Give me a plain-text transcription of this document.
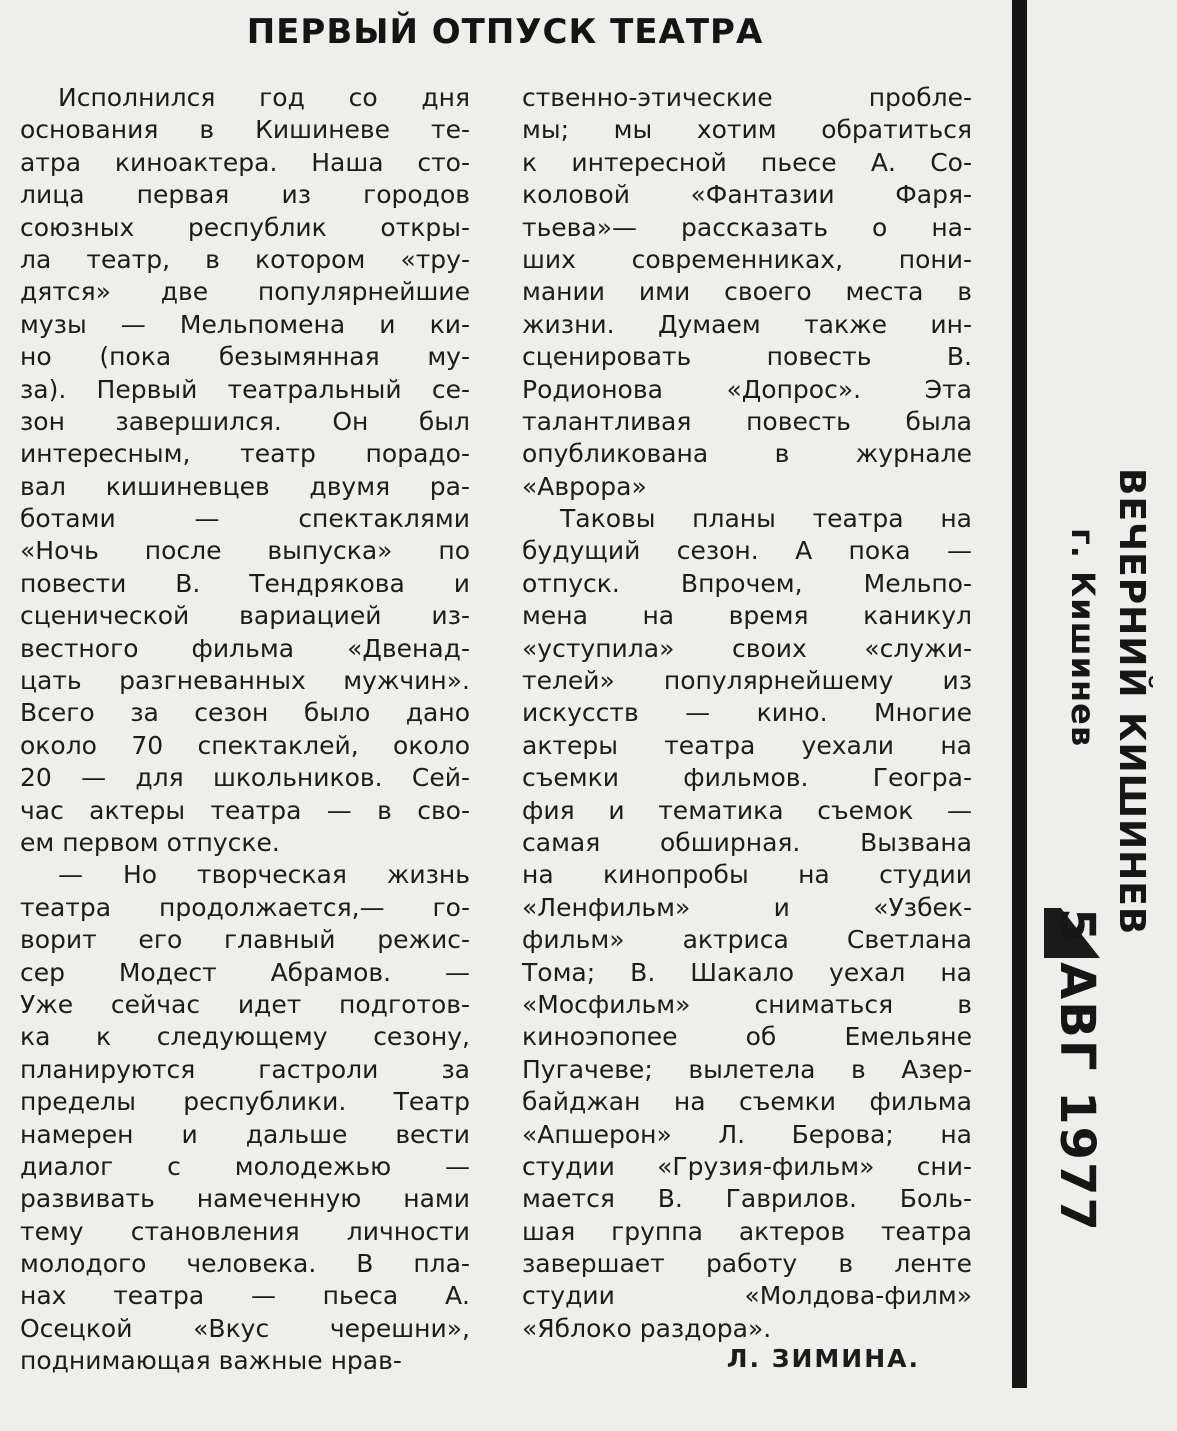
ПЕРВЫЙ ОТПУСК ТЕАТРА
Исполнился год со дня
основания в Кишиневе те-
атра киноактера. Наша сто-
лица первая из городов
союзных республик откры-
ла театр, в котором «тру-
дятся» две популярнейшие
музы — Мельпомена и ки-
но (пока безымянная му-
за). Первый театральный се-
зон завершился. Он был
интересным, театр порадо-
вал кишиневцев двумя ра-
ботами — спектаклями
«Ночь после выпуска» по
повести В. Тендрякова и
сценической вариацией из-
вестного фильма «Двенад-
цать разгневанных мужчин».
Всего за сезон было дано
около 70 спектаклей, около
20 — для школьников. Сей-
час актеры театра — в сво-
ем первом отпуске.
— Но творческая жизнь
театра продолжается,— го-
ворит его главный режис-
сер Модест Абрамов. —
Уже сейчас идет подготов-
ка к следующему сезону,
планируются гастроли за
пределы республики. Театр
намерен и дальше вести
диалог с молодежью —
развивать намеченную нами
тему становления личности
молодого человека. В пла-
нах театра — пьеса А.
Осецкой «Вкус черешни»,
поднимающая важные нрав-
ственно-этические пробле-
мы; мы хотим обратиться
к интересной пьесе А. Со-
коловой «Фантазии Фаря-
тьева»— рассказать о на-
ших современниках, пони-
мании ими своего места в
жизни. Думаем также ин-
сценировать повесть В.
Родионова «Допрос». Эта
талантливая повесть была
опубликована в журнале
«Аврора»
Таковы планы театра на
будущий сезон. А пока —
отпуск. Впрочем, Мельпо-
мена на время каникул
«уступила» своих «служи-
телей» популярнейшему из
искусств — кино. Многие
актеры театра уехали на
съемки фильмов. Геогра-
фия и тематика съемок —
самая обширная. Вызвана
на кинопробы на студии
«Ленфильм» и «Узбек-
фильм» актриса Светлана
Тома; В. Шакало уехал на
«Мосфильм» сниматься в
киноэпопее об Емельяне
Пугачеве; вылетела в Азер-
байджан на съемки фильма
«Апшерон» Л. Берова; на
студии «Грузия-фильм» сни-
мается В. Гаврилов. Боль-
шая группа актеров театра
завершает работу в ленте
студии «Молдова-филм»
«Яблоко раздора».
Л. ЗИМИНА.
ВЕЧЕРНИЙ КИШИНЕВ
г. Кишинев
5 АВГ 1977
